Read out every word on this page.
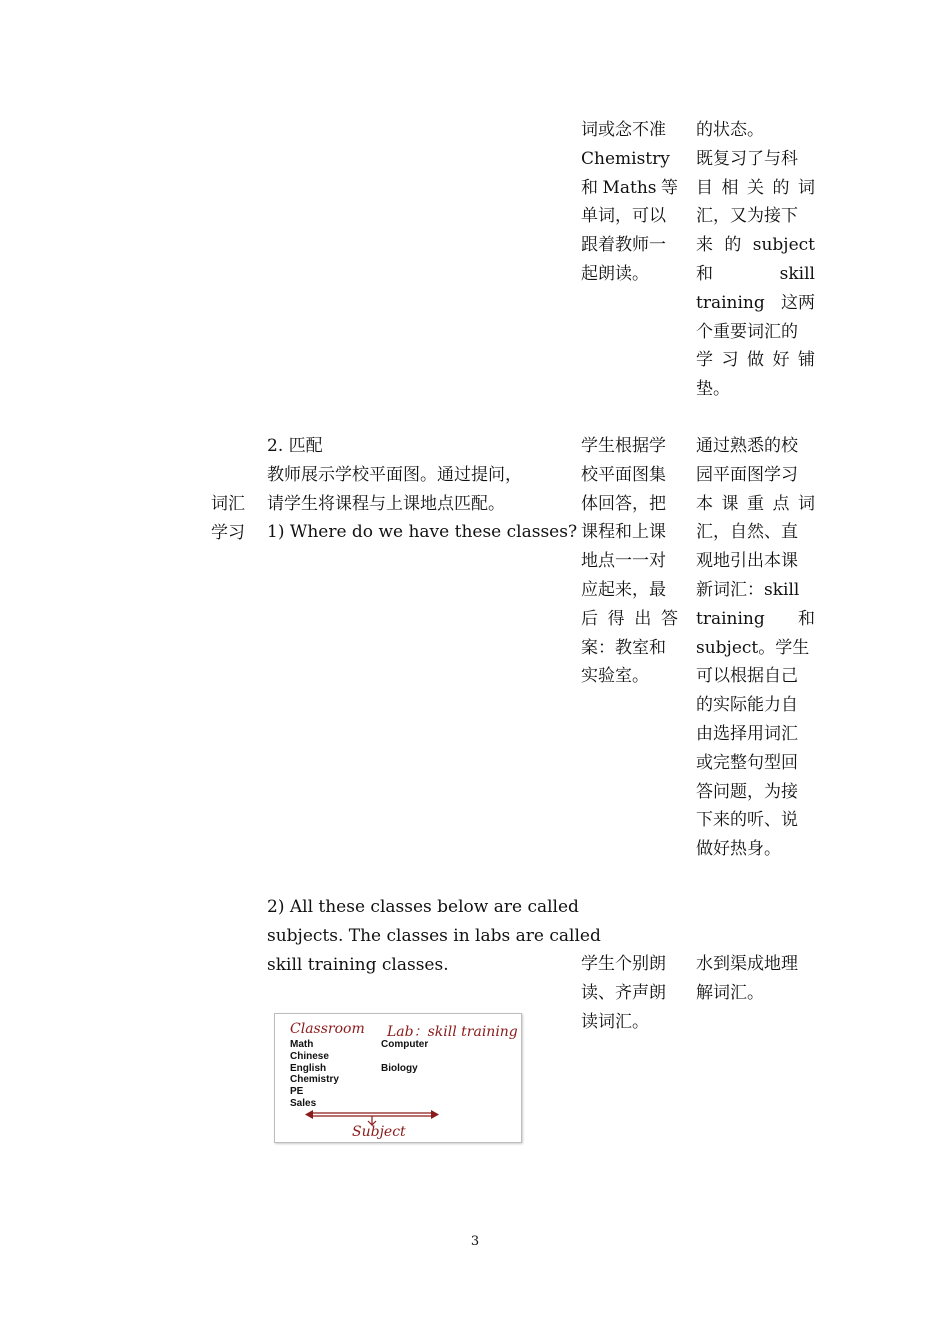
词或念不准
Chemistry
和 Maths 等
单词，可以
跟着教师一
起朗读。
的状态。
既复习了与科
目 相 关 的 词
汇，又为接下
来 的 subject
和	skill
training 这两
个重要词汇的
学 习 做 好 铺
垫。
词汇
学习
2. 匹配
教师展示学校平面图。通过提问，
请学生将课程与上课地点匹配。
1) Where do we have these classes?
学生根据学
校平面图集
体回答，把
课程和上课
地点一一对
应起来，最
后 得 出 答
案：教室和
实验室。
通过熟悉的校
园平面图学习
本 课 重 点 词
汇，自然、直
观地引出本课
新词汇：skill
training 和
subject。学生
可以根据自己
的实际能力自
由选择用词汇
或完整句型回
答问题，为接
下来的听、说
做好热身。
2) All these classes below are called
subjects. The classes in labs are called
skill training classes.	学生个别朗
读、齐声朗
读词汇。
水到渠成地理
解词汇。
Classroom Lab：skill training
Math
Chinese
English
Chemistry
PE
Sales
Computer

Biology
Subject
3
